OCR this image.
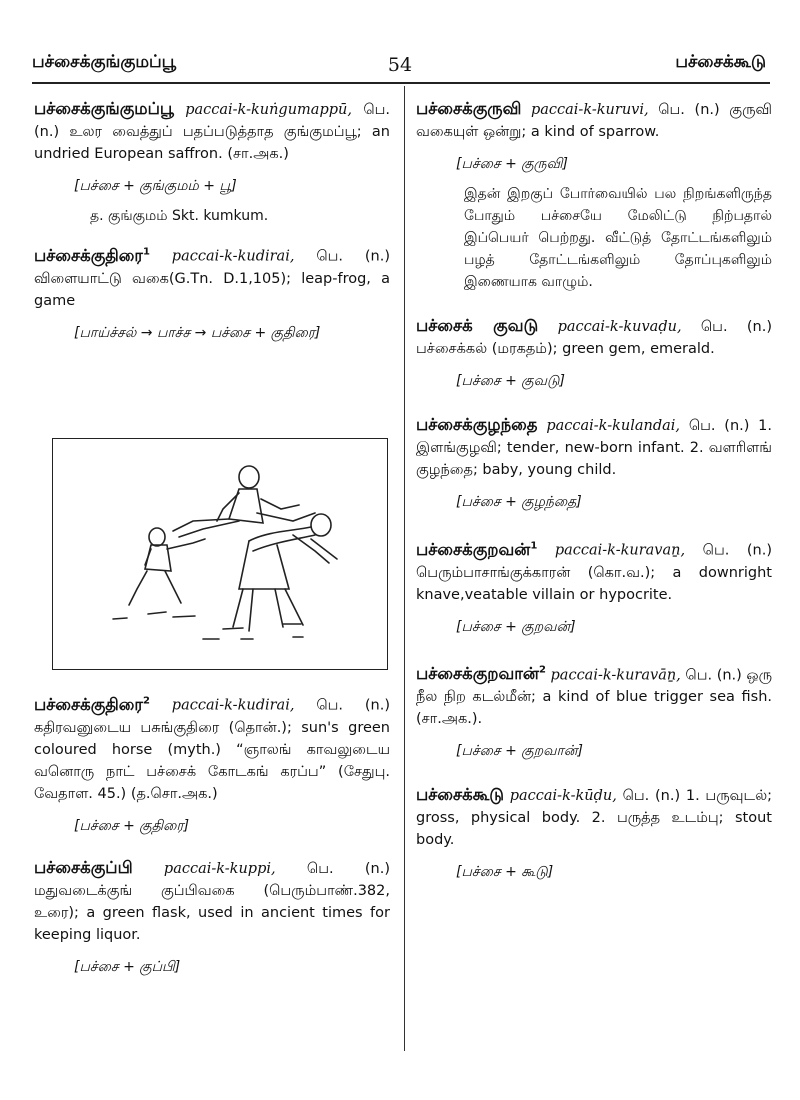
பச்சைக்குங்குமப்பூ	54	பச்சைக்கூடு
பச்சைக்குங்குமப்பூ paccai-k-kuṅgumappū, பெ. (n.) உலர வைத்துப் பதப்படுத்தாத குங்குமப்பூ; an undried European saffron. (சா.அக.)
[பச்சை + குங்குமம் + பூ]
த. குங்குமம் Skt. kumkum.
பச்சைக்குதிரை$^1$ paccai-k-kudirai, பெ. (n.) விளையாட்டு வகை(G.Tn. D.1,105); leap-frog, a game
[பாய்ச்சல் → பாச்ச → பச்சை + குதிரை]
பச்சைக்குதிரை$^2$ paccai-k-kudirai, பெ. (n.) கதிரவனுடைய பசுங்குதிரை (தொன்.); sun's green coloured horse (myth.) “ஞாலங் காவலுடைய வனொரு நாட் பச்சைக் கோடகங் கரப்ப” (சேதுபு. வேதாள. 45.) (த.சொ.அக.)
[பச்சை + குதிரை]
பச்சைக்குப்பி paccai-k-kuppi, பெ. (n.) மதுவடைக்குங் குப்பிவகை (பெரும்பாண்.382, உரை); a green flask, used in ancient times for keeping liquor.
[பச்சை + குப்பி]
பச்சைக்குருவி paccai-k-kuruvi, பெ. (n.) குருவி வகையுள் ஒன்று; a kind of sparrow.
[பச்சை + குருவி]
இதன் இறகுப் போர்வையில் பல நிறங்களிருந்த போதும் பச்சையே மேலிட்டு நிற்பதால் இப்பெயர் பெற்றது. வீட்டுத் தோட்டங்களிலும் பழத் தோட்டங்களிலும் தோப்புகளிலும் இணையாக வாழும்.
பச்சைக் குவடு paccai-k-kuvaḍu, பெ. (n.) பச்சைக்கல் (மரகதம்); green gem, emerald.
[பச்சை + குவடு]
பச்சைக்குழந்தை paccai-k-kulandai, பெ. (n.) 1. இளங்குழவி; tender, new-born infant. 2. வளரிளங் குழந்தை; baby, young child.
[பச்சை + குழந்தை]
பச்சைக்குறவன்$^1$ paccai-k-kuravaṉ, பெ. (n.) பெரும்பாசாங்குக்காரன் (கொ.வ.); a downright knave,veatable villain or hypocrite.
[பச்சை + குறவன்]
பச்சைக்குறவான்$^2$ paccai-k-kuravāṉ, பெ. (n.) ஒரு நீல நிற கடல்மீன்; a kind of blue trigger sea fish. (சா.அக.).
[பச்சை + குறவான்]
பச்சைக்கூடு paccai-k-kūḍu, பெ. (n.) 1. பருவுடல்; gross, physical body. 2. பருத்த உடம்பு; stout body.
[பச்சை + கூடு]
